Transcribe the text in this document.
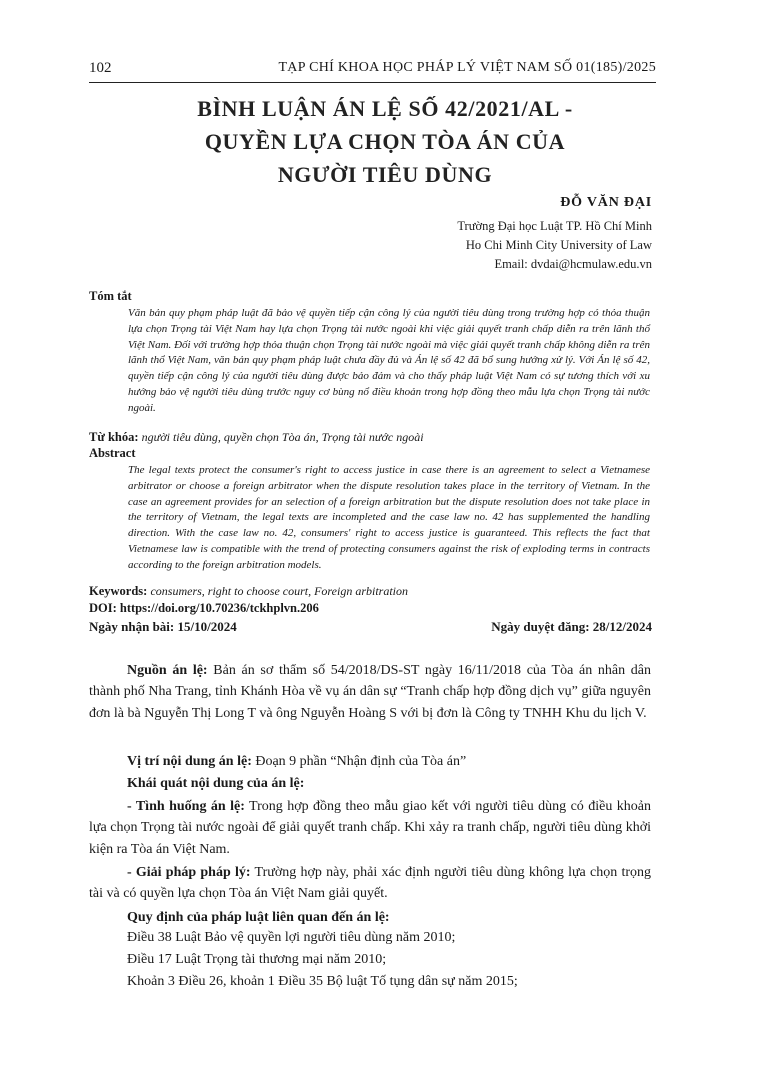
102	TẠP CHÍ KHOA HỌC PHÁP LÝ VIỆT NAM SỐ 01(185)/2025
BÌNH LUẬN ÁN LỆ SỐ 42/2021/AL -
QUYỀN LỰA CHỌN TÒA ÁN CỦA
NGƯỜI TIÊU DÙNG
ĐỖ VĂN ĐẠI
Trường Đại học Luật TP. Hồ Chí Minh
Ho Chi Minh City University of Law
Email: dvdai@hcmulaw.edu.vn
Tóm tắt
Văn bản quy phạm pháp luật đã bảo vệ quyền tiếp cận công lý của người tiêu dùng trong trường hợp có thỏa thuận lựa chọn Trọng tài Việt Nam hay lựa chọn Trọng tài nước ngoài khi việc giải quyết tranh chấp diễn ra trên lãnh thổ Việt Nam. Đối với trường hợp thỏa thuận chọn Trọng tài nước ngoài mà việc giải quyết tranh chấp không diễn ra trên lãnh thổ Việt Nam, văn bản quy phạm pháp luật chưa đầy đủ và Án lệ số 42 đã bổ sung hướng xử lý. Với Án lệ số 42, quyền tiếp cận công lý của người tiêu dùng được bảo đảm và cho thấy pháp luật Việt Nam có sự tương thích với xu hướng bảo vệ người tiêu dùng trước nguy cơ bùng nổ điều khoản trong hợp đồng theo mẫu lựa chọn Trọng tài nước ngoài.
Từ khóa: người tiêu dùng, quyền chọn Tòa án, Trọng tài nước ngoài
Abstract
The legal texts protect the consumer's right to access justice in case there is an agreement to select a Vietnamese arbitrator or choose a foreign arbitrator when the dispute resolution takes place in the territory of Vietnam. In the case an agreement provides for an selection of a foreign arbitration but the dispute resolution does not take place in the territory of Vietnam, the legal texts are incompleted and the case law no. 42 has supplemented the handling direction. With the case law no. 42, consumers' right to access justice is guaranteed. This reflects the fact that Vietnamese law is compatible with the trend of protecting consumers against the risk of exploding terms in contracts according to the foreign arbitration models.
Keywords: consumers, right to choose court, Foreign arbitration
DOI: https://doi.org/10.70236/tckhplvn.206
Ngày nhận bài: 15/10/2024	Ngày duyệt đăng: 28/12/2024
Nguồn án lệ: Bản án sơ thẩm số 54/2018/DS-ST ngày 16/11/2018 của Tòa án nhân dân thành phố Nha Trang, tỉnh Khánh Hòa về vụ án dân sự “Tranh chấp hợp đồng dịch vụ” giữa nguyên đơn là bà Nguyễn Thị Long T và ông Nguyễn Hoàng S với bị đơn là Công ty TNHH Khu du lịch V.
Vị trí nội dung án lệ: Đoạn 9 phần “Nhận định của Tòa án”
Khái quát nội dung của án lệ:
- Tình huống án lệ: Trong hợp đồng theo mẫu giao kết với người tiêu dùng có điều khoản lựa chọn Trọng tài nước ngoài để giải quyết tranh chấp. Khi xảy ra tranh chấp, người tiêu dùng khởi kiện ra Tòa án Việt Nam.
- Giải pháp pháp lý: Trường hợp này, phải xác định người tiêu dùng không lựa chọn trọng tài và có quyền lựa chọn Tòa án Việt Nam giải quyết.
Quy định của pháp luật liên quan đến án lệ:
Điều 38 Luật Bảo vệ quyền lợi người tiêu dùng năm 2010;
Điều 17 Luật Trọng tài thương mại năm 2010;
Khoản 3 Điều 26, khoản 1 Điều 35 Bộ luật Tố tụng dân sự năm 2015;
